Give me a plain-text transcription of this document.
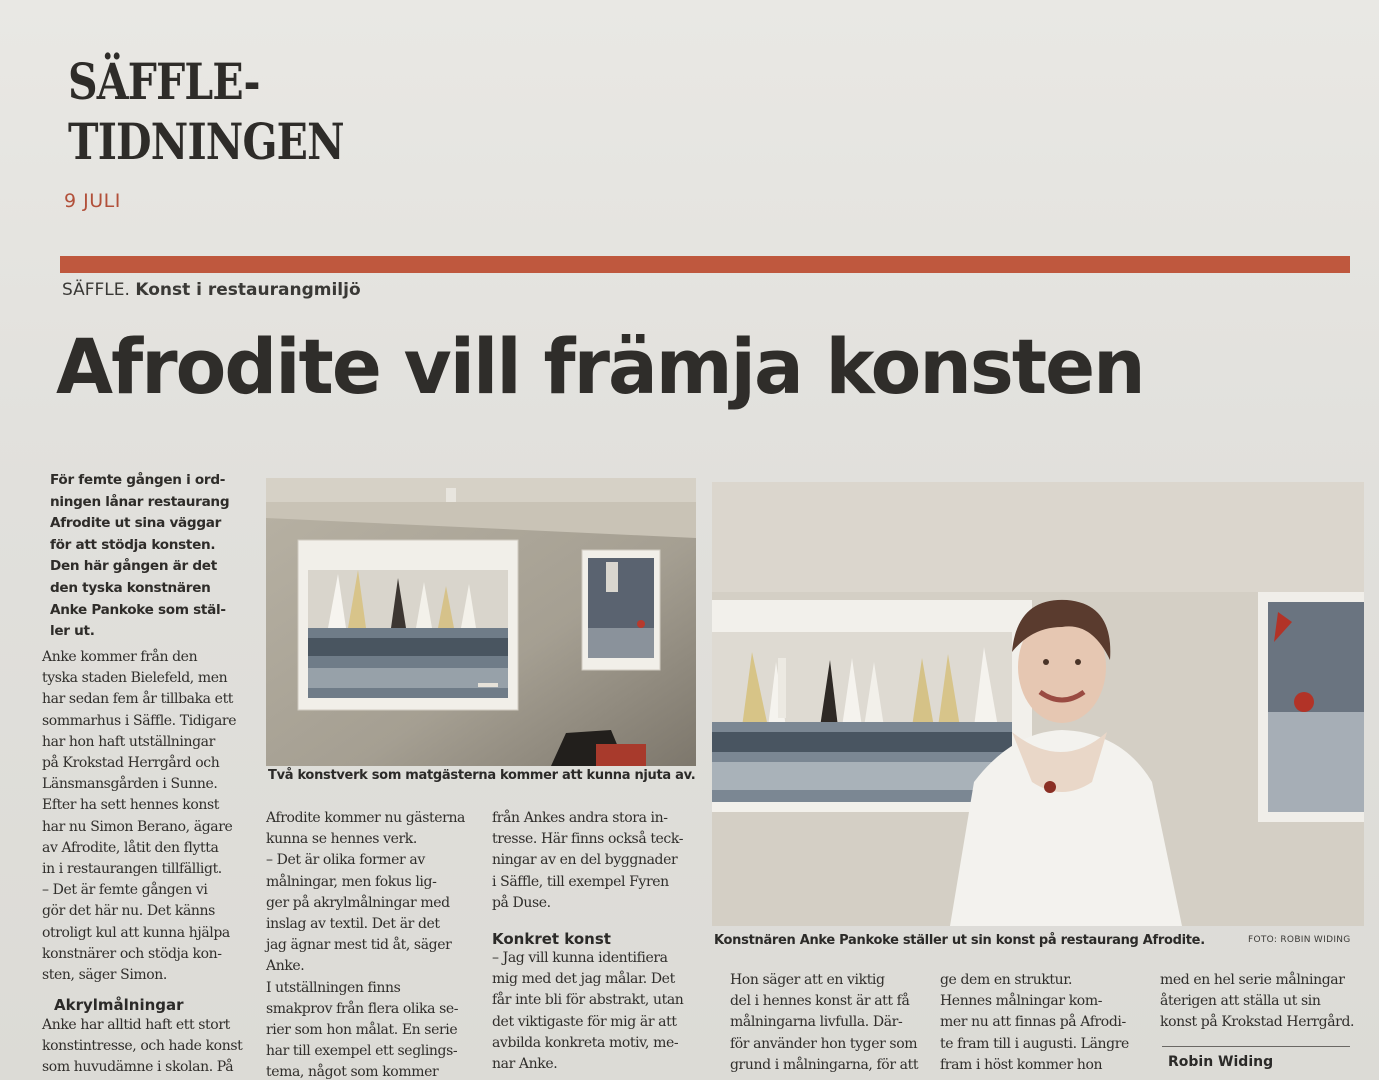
SÄFFLE-
TIDNINGEN
9 JULI
SÄFFLE. Konst i restaurangmiljö
Afrodite vill främja konsten
För femte gången i ord-
ningen lånar restaurang
Afrodite ut sina väggar
för att stödja konsten.
Den här gången är det
den tyska konstnären
Anke Pankoke som stäl-
ler ut.
Anke kommer från den
tyska staden Bielefeld, men
har sedan fem år tillbaka ett
sommarhus i Säffle. Tidigare
har hon haft utställningar
på Krokstad Herrgård och
Länsmansgården i Sunne.
Efter ha sett hennes konst
har nu Simon Berano, ägare
av Afrodite, låtit den flytta
in i restaurangen tillfälligt.
– Det är femte gången vi
gör det här nu. Det känns
otroligt kul att kunna hjälpa
konstnärer och stödja kon-
sten, säger Simon.
Akrylmålningar
Anke har alltid haft ett stort
konstintresse, och hade konst
som huvudämne i skolan. På
Två konstverk som matgästerna kommer att kunna njuta av.
Afrodite kommer nu gästerna
kunna se hennes verk.
– Det är olika former av
målningar, men fokus lig-
ger på akrylmålningar med
inslag av textil. Det är det
jag ägnar mest tid åt, säger
Anke.
I utställningen finns
smakprov från flera olika se-
rier som hon målat. En serie
har till exempel ett seglings-
tema, något som kommer
från Ankes andra stora in-
tresse. Här finns också teck-
ningar av en del byggnader
i Säffle, till exempel Fyren
på Duse.
Konkret konst
– Jag vill kunna identifiera
mig med det jag målar. Det
får inte bli för abstrakt, utan
det viktigaste för mig är att
avbilda konkreta motiv, me-
nar Anke.
Konstnären Anke Pankoke ställer ut sin konst på restaurang Afrodite.	FOTO: ROBIN WIDING
Hon säger att en viktig
del i hennes konst är att få
målningarna livfulla. Där-
för använder hon tyger som
grund i målningarna, för att
ge dem en struktur.
Hennes målningar kom-
mer nu att finnas på Afrodi-
te fram till i augusti. Längre
fram i höst kommer hon
med en hel serie målningar
återigen att ställa ut sin
konst på Krokstad Herrgård.
Robin Widing
